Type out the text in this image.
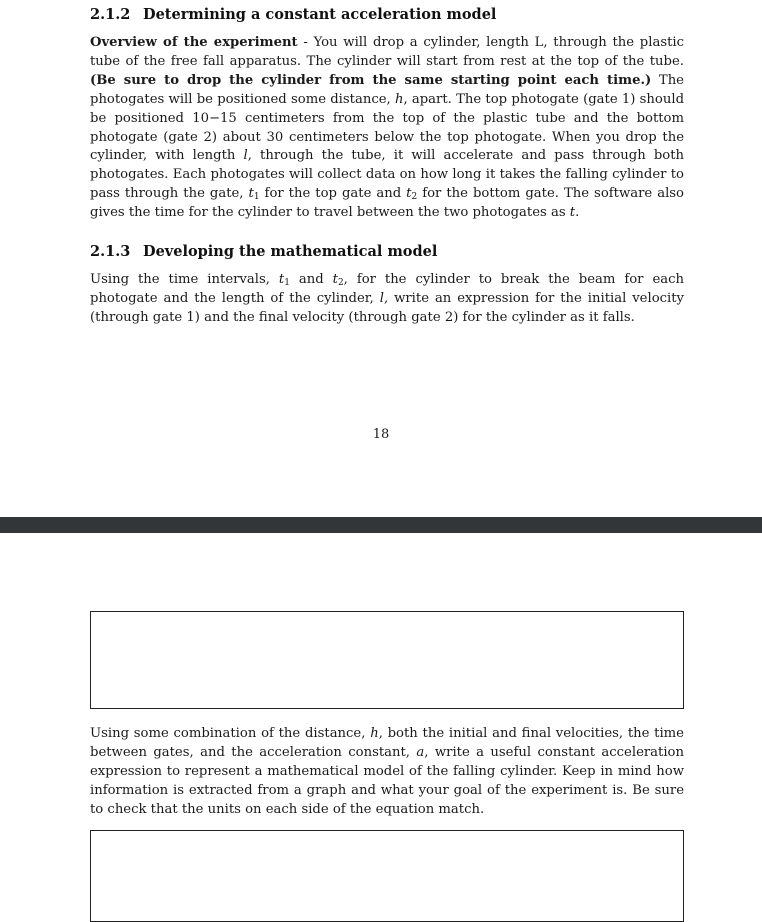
2.1.2 Determining a constant acceleration model
Overview of the experiment - You will drop a cylinder, length L, through the plastic tube of the free fall apparatus. The cylinder will start from rest at the top of the tube. (Be sure to drop the cylinder from the same starting point each time.) The photogates will be positioned some distance, h, apart. The top photogate (gate 1) should be positioned 10−15 centimeters from the top of the plastic tube and the bottom photogate (gate 2) about 30 centimeters below the top photogate. When you drop the cylinder, with length l, through the tube, it will accelerate and pass through both photogates. Each photogates will collect data on how long it takes the falling cylinder to pass through the gate, $t_1$ for the top gate and $t_2$ for the bottom gate. The software also gives the time for the cylinder to travel between the two photogates as t.
2.1.3 Developing the mathematical model
Using the time intervals, $t_1$ and $t_2$, for the cylinder to break the beam for each photogate and the length of the cylinder, l, write an expression for the initial velocity (through gate 1) and the final velocity (through gate 2) for the cylinder as it falls.
18
Using some combination of the distance, h, both the initial and final velocities, the time between gates, and the acceleration constant, a, write a useful constant acceleration expression to represent a mathematical model of the falling cylinder. Keep in mind how information is extracted from a graph and what your goal of the experiment is. Be sure to check that the units on each side of the equation match.
